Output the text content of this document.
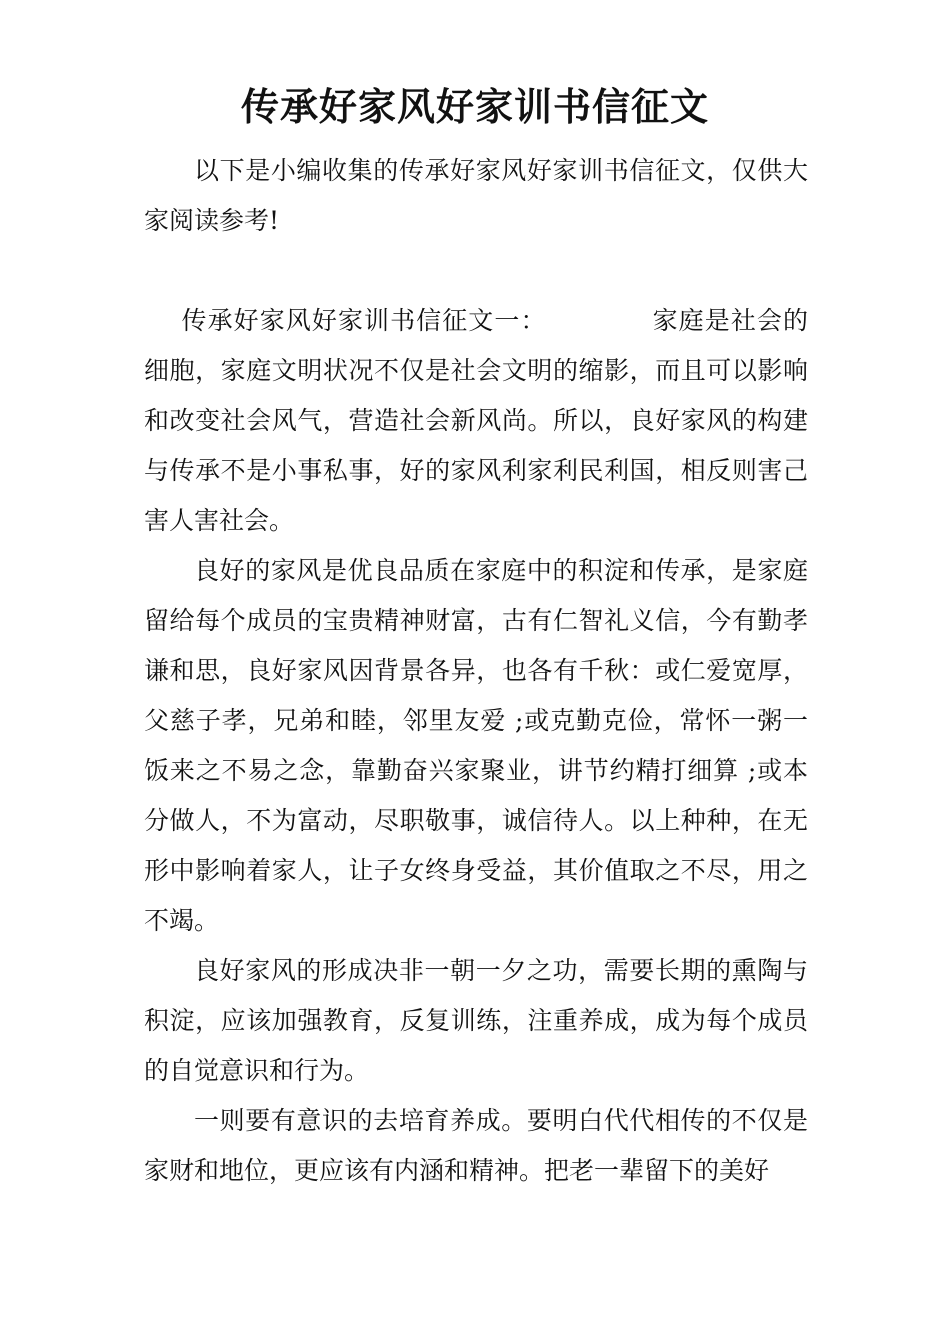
传承好家风好家训书信征文

以下是小编收集的传承好家风好家训书信征文，仅供大家阅读参考!

传承好家风好家训书信征文一：	家庭是社会的细胞，家庭文明状况不仅是社会文明的缩影，而且可以影响和改变社会风气，营造社会新风尚。所以，良好家风的构建与传承不是小事私事，好的家风利家利民利国，相反则害己害人害社会。

良好的家风是优良品质在家庭中的积淀和传承，是家庭留给每个成员的宝贵精神财富，古有仁智礼义信，今有勤孝谦和思，良好家风因背景各异，也各有千秋：或仁爱宽厚，父慈子孝，兄弟和睦，邻里友爱 ;或克勤克俭，常怀一粥一饭来之不易之念，靠勤奋兴家聚业，讲节约精打细算 ;或本分做人，不为富动，尽职敬事，诚信待人。以上种种，在无形中影响着家人，让子女终身受益，其价值取之不尽，用之不竭。

良好家风的形成决非一朝一夕之功，需要长期的熏陶与积淀，应该加强教育，反复训练，注重养成，成为每个成员的自觉意识和行为。

一则要有意识的去培育养成。要明白代代相传的不仅是家财和地位，更应该有内涵和精神。把老一辈留下的美好
